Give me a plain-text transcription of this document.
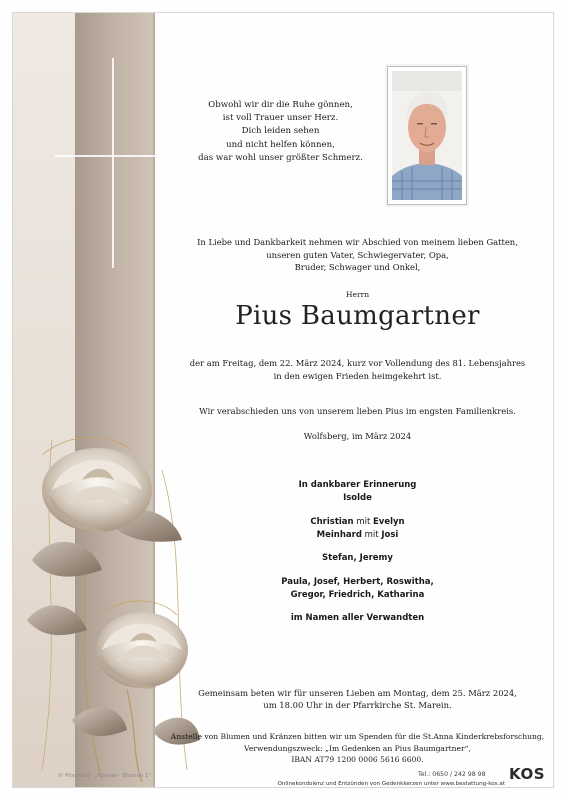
Obwohl wir dir die Ruhe gönnen,
ist voll Trauer unser Herz.
Dich leiden sehen
und nicht helfen können,
das war wohl unser größter Schmerz.
In Liebe und Dankbarkeit nehmen wir Abschied von meinem lieben Gatten,
unseren guten Vater, Schwiegervater, Opa,
Bruder, Schwager und Onkel,
Herrn
Pius Baumgartner
der am Freitag, dem 22. März 2024, kurz vor Vollendung des 81. Lebensjahres
in den ewigen Frieden heimgekehrt ist.
Wir verabschieden uns von unserem lieben Pius im engsten Familienkreis.
Wolfsberg, im März 2024
In dankbarer Erinnerung
Isolde
Christian mit Evelyn
Meinhard mit Josi
Stefan, Jeremy
Paula, Josef, Herbert, Roswitha,
Gregor, Friedrich, Katharina
im Namen aller Verwandten
Gemeinsam beten wir für unseren Lieben am Montag, dem 25. März 2024,
um 18.00 Uhr in der Pfarrkirche St. Marein.
Anstelle von Blumen und Kränzen bitten wir um Spenden für die St.Anna Kinderkrebsforschung,
Verwendungszweck: „Im Gedenken an Pius Baumgartner“,
IBAN AT79 1200 0006 5616 6600.
© Pitschedl · „Floraler · Blumen 1“	Tel.: 0650 / 242 98 98
Onlinekondolenz und Entzünden von Gedenkkerzen unter www.bestattung-kos.at
KOS
